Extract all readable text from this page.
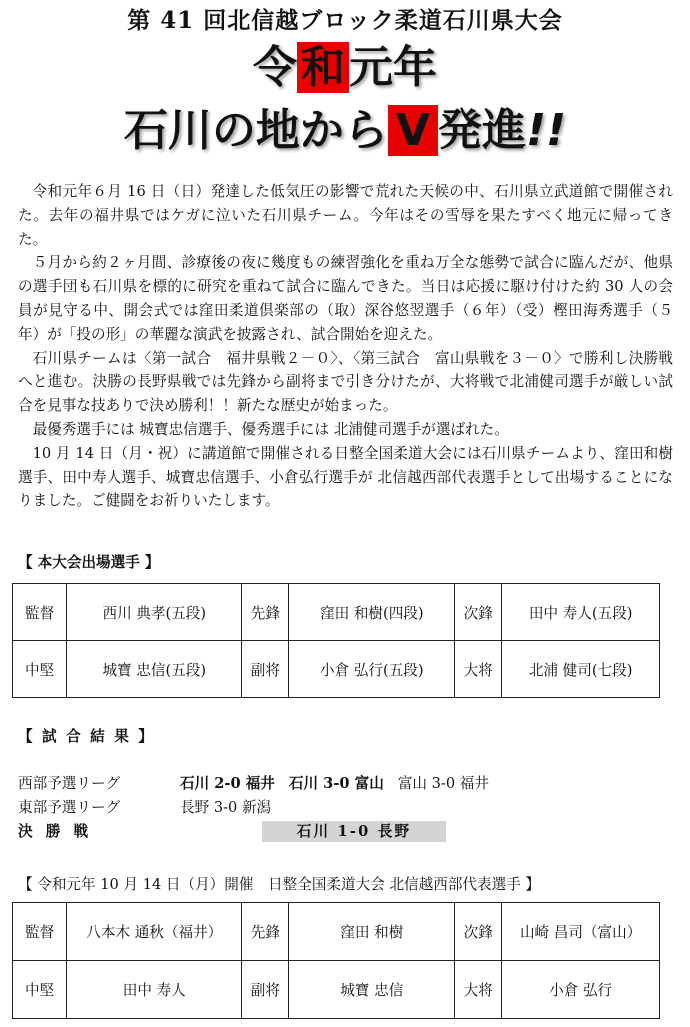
第 41 回北信越ブロック柔道石川県大会
令和元年
石川の地から V 発進!!

令和元年６月 16 日（日）発達した低気圧の影響で荒れた天候の中、石川県立武道館で開催された。去年の福井県ではケガに泣いた石川県チーム。今年はその雪辱を果たすべく地元に帰ってきた。

５月から約２ヶ月間、診療後の夜に幾度もの練習強化を重ね万全な態勢で試合に臨んだが、他県の選手団も石川県を標的に研究を重ねて試合に臨んできた。当日は応援に駆け付けた約 30 人の会員が見守る中、開会式では窪田柔道倶楽部の（取）深谷悠翌選手（６年）（受）樫田海秀選手（５年）が「投の形」の華麗な演武を披露され、試合開始を迎えた。

石川県チームは〈第一試合　福井県戦２－０〉、〈第三試合　富山県戦を３－０〉で勝利し決勝戦へと進む。決勝の長野県戦では先鋒から副将まで引き分けたが、大将戦で北浦健司選手が厳しい試合を見事な技ありで決め勝利！！新たな歴史が始まった。

最優秀選手には 城寶忠信選手、優秀選手には 北浦健司選手が選ばれた。

10 月 14 日（月・祝）に講道館で開催される日整全国柔道大会には石川県チームより、窪田和樹選手、田中寿人選手、城寶忠信選手、小倉弘行選手が 北信越西部代表選手として出場することになりました。ご健闘をお祈りいたします。

【 本大会出場選手 】
監督	西川 典孝(五段)	先鋒	窪田 和樹(四段)	次鋒	田中 寿人(五段)
中堅	城寶 忠信(五段)	副将	小倉 弘行(五段)	大将	北浦 健司(七段)
【 試 合 結 果 】
西部予選リーグ	石川 2-0 福井 石川 3-0 富山 富山 3-0 福井
東部予選リーグ	長野 3-0 新潟
決勝戦	石川 1-0 長野
【 令和元年 10 月 14 日（月）開催　日整全国柔道大会 北信越西部代表選手 】
監督	八本木 通秋（福井）	先鋒	窪田 和樹	次鋒	山崎 昌司（富山）
中堅	田中 寿人	副将	城寶 忠信	大将	小倉 弘行
